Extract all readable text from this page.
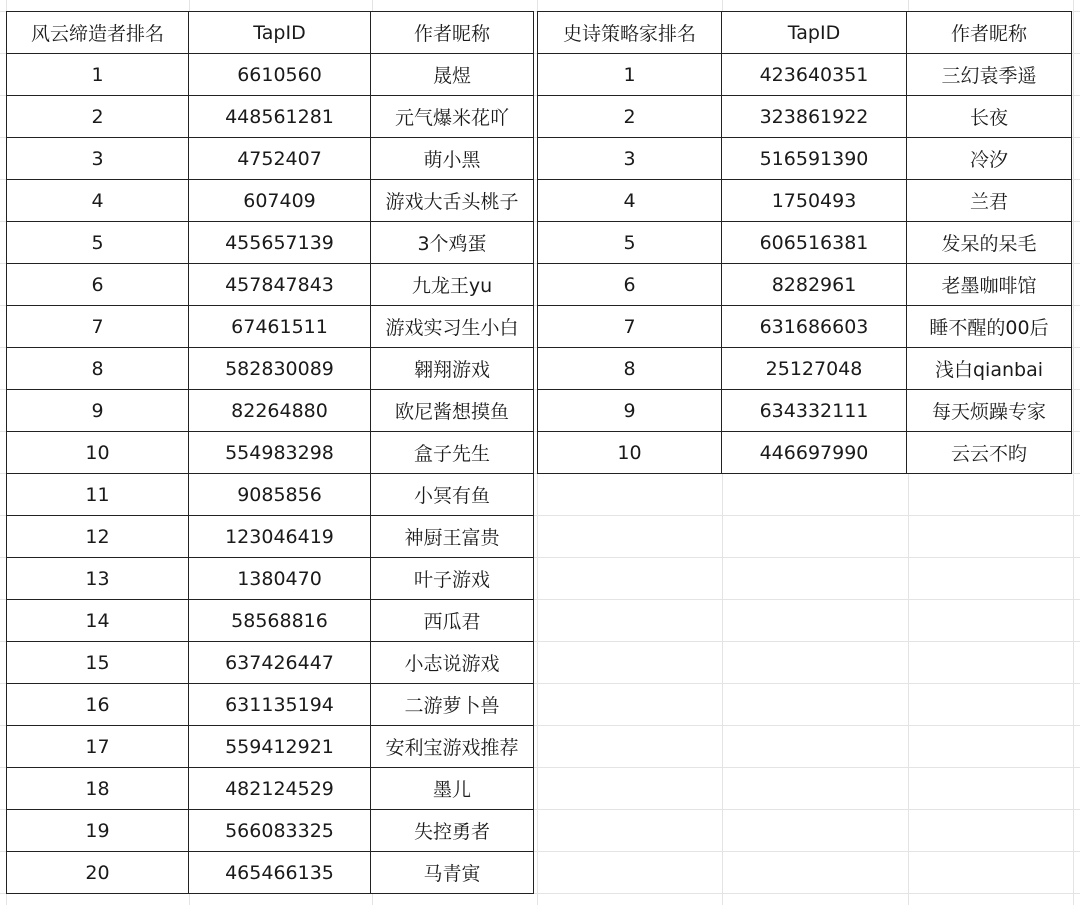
风云缔造者排名	TapID	作者昵称
1	6610560	晟煜
2	448561281	元气爆米花吖
3	4752407	萌小黑
4	607409	游戏大舌头桃子
5	455657139	3个鸡蛋
6	457847843	九龙王yu
7	67461511	游戏实习生小白
8	582830089	翱翔游戏
9	82264880	欧尼酱想摸鱼
10	554983298	盒子先生
11	9085856	小冥有鱼
12	123046419	神厨王富贵
13	1380470	叶子游戏
14	58568816	西瓜君
15	637426447	小志说游戏
16	631135194	二游萝卜兽
17	559412921	安利宝游戏推荐
18	482124529	墨儿
19	566083325	失控勇者
20	465466135	马青寅
史诗策略家排名	TapID	作者昵称
1	423640351	三幻袁季遥
2	323861922	长夜
3	516591390	冷汐
4	1750493	兰君
5	606516381	发呆的呆毛
6	8282961	老墨咖啡馆
7	631686603	睡不醒的00后
8	25127048	浅白qianbai
9	634332111	每天烦躁专家
10	446697990	云云不昀
